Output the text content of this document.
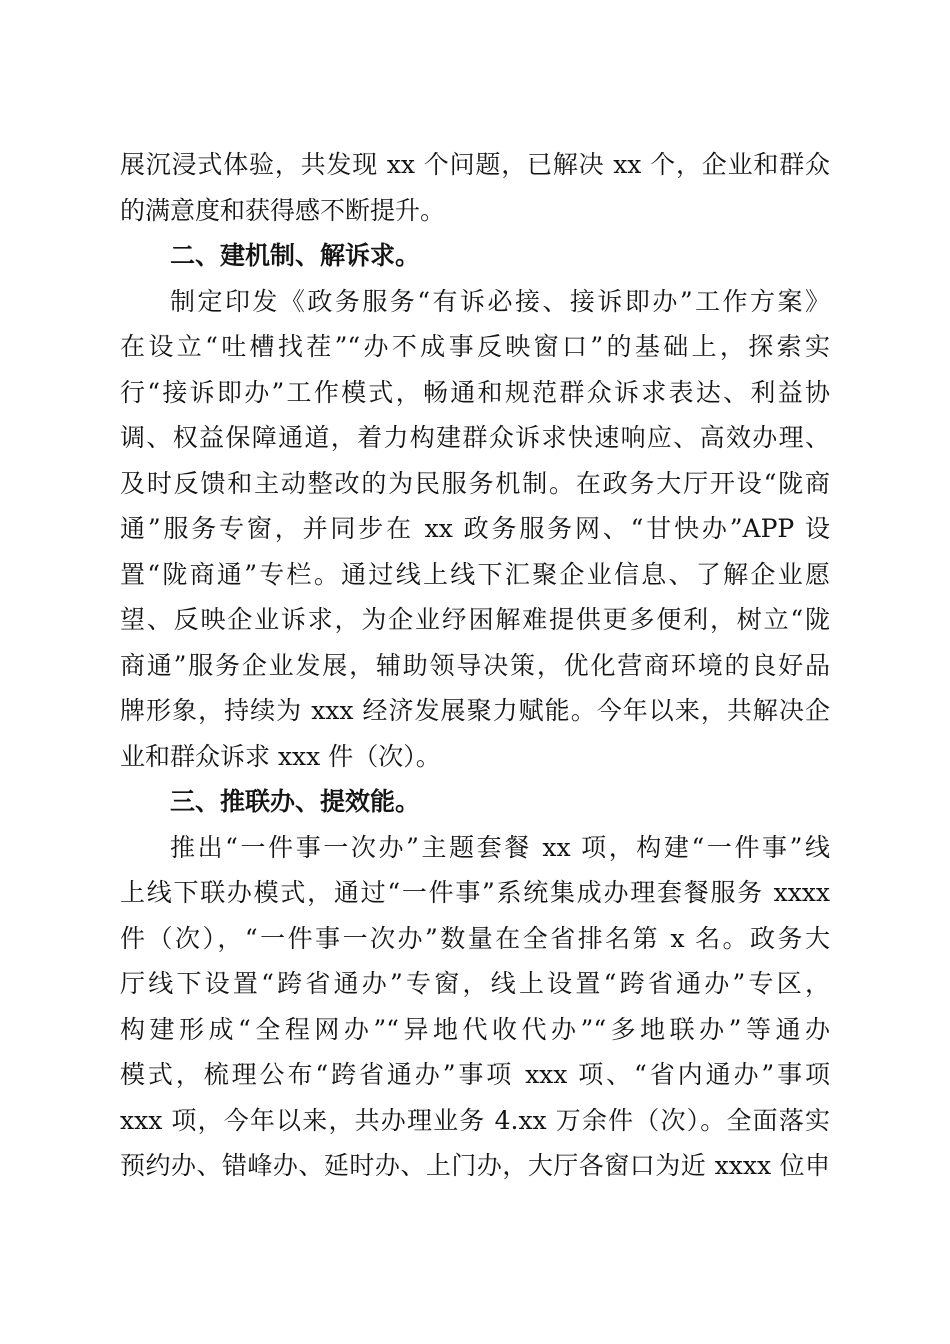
展沉浸式体验，共发现 xx 个问题，已解决 xx 个，企业和群众
的满意度和获得感不断提升。

二、建机制、解诉求。

制定印发《政务服务“有诉必接、接诉即办”工作方案》
在设立“吐槽找茬”“办不成事反映窗口”的基础上，探索实
行“接诉即办”工作模式，畅通和规范群众诉求表达、利益协
调、权益保障通道，着力构建群众诉求快速响应、高效办理、
及时反馈和主动整改的为民服务机制。在政务大厅开设“陇商
通”服务专窗，并同步在 xx 政务服务网、“甘快办”APP 设
置“陇商通”专栏。通过线上线下汇聚企业信息、了解企业愿
望、反映企业诉求，为企业纾困解难提供更多便利，树立“陇
商通”服务企业发展，辅助领导决策，优化营商环境的良好品
牌形象，持续为 xxx 经济发展聚力赋能。今年以来，共解决企
业和群众诉求 xxx 件（次）。

三、推联办、提效能。

推出“一件事一次办”主题套餐 xx 项，构建“一件事”线
上线下联办模式，通过“一件事”系统集成办理套餐服务 xxxx
件（次），“一件事一次办”数量在全省排名第 x 名。政务大
厅线下设置“跨省通办”专窗，线上设置“跨省通办”专区，
构建形成“全程网办”“异地代收代办”“多地联办”等通办
模式，梳理公布“跨省通办”事项 xxx 项、“省内通办”事项
xxx 项，今年以来，共办理业务 4.xx 万余件（次）。全面落实
预约办、错峰办、延时办、上门办，大厅各窗口为近 xxxx 位申
